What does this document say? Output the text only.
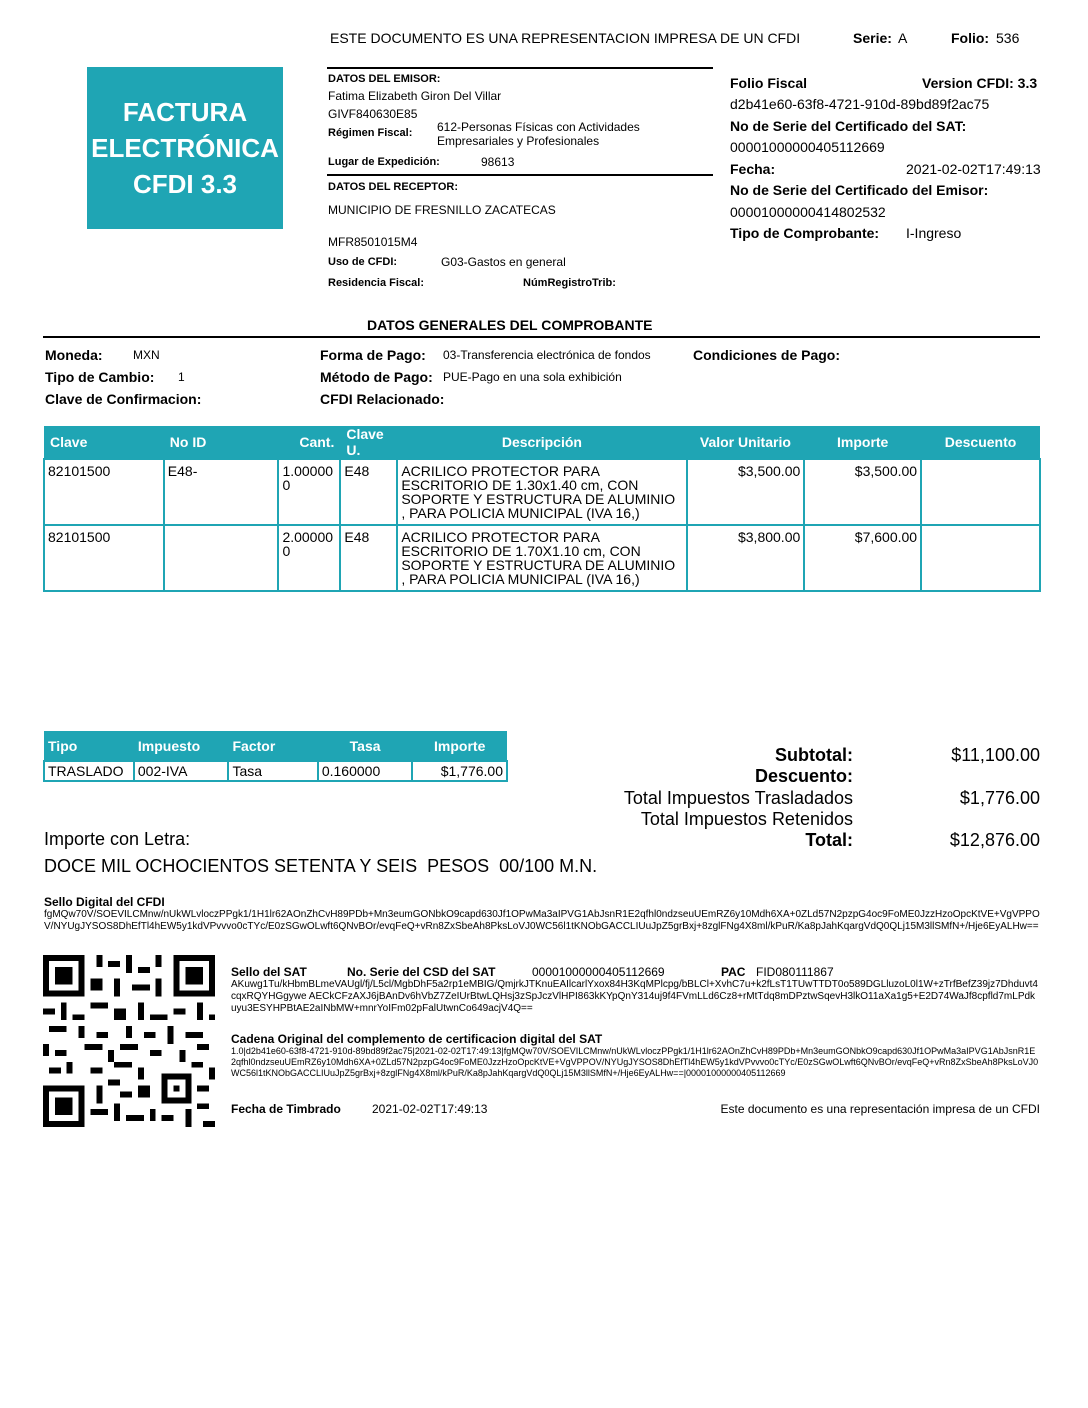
ESTE DOCUMENTO ES UNA REPRESENTACION IMPRESA DE UN CFDI	Serie: A	Folio: 536
FACTURA
ELECTRÓNICA
CFDI 3.3
DATOS DEL EMISOR:
Fatima Elizabeth Giron Del Villar
GIVF840630E85
Régimen Fiscal: 612-Personas Físicas con Actividades
Empresariales y Profesionales
Lugar de Expedición:	98613
DATOS DEL RECEPTOR:
MUNICIPIO DE FRESNILLO ZACATECAS
MFR8501015M4
Uso de CFDI:	G03-Gastos en general
Residencia Fiscal:	NúmRegistroTrib:
Folio Fiscal	Version CFDI: 3.3
d2b41e60-63f8-4721-910d-89bd89f2ac75
No de Serie del Certificado del SAT:
00001000000405112669
Fecha:	2021-02-02T17:49:13
No de Serie del Certificado del Emisor:
00001000000414802532
Tipo de Comprobante: I-Ingreso
DATOS GENERALES DEL COMPROBANTE
Moneda:	MXN
Tipo de Cambio: 1
Clave de Confirmacion:
Forma de Pago: 03-Transferencia electrónica de fondos
Método de Pago: PUE-Pago en una sola exhibición
CFDI Relacionado:
Condiciones de Pago:
Clave	No ID	Cant.	Clave U.	Descripción	Valor Unitario	Importe	Descuento
82101500	E48-	1.000000	E48	ACRILICO PROTECTOR PARA ESCRITORIO DE 1.30x1.40 cm, CON SOPORTE Y ESTRUCTURA DE ALUMINIO , PARA POLICIA MUNICIPAL (IVA 16,)	$3,500.00	$3,500.00	
82101500		2.000000	E48	ACRILICO PROTECTOR PARA ESCRITORIO DE 1.70X1.10 cm, CON SOPORTE Y ESTRUCTURA DE ALUMINIO , PARA POLICIA MUNICIPAL (IVA 16,)	$3,800.00	$7,600.00	
Tipo	Impuesto	Factor	Tasa	Importe
TRASLADO	002-IVA	Tasa	0.160000	$1,776.00
Subtotal:	$11,100.00
Descuento:
Total Impuestos Trasladados	$1,776.00
Total Impuestos Retenidos
Total:	$12,876.00
Importe con Letra:
DOCE MIL OCHOCIENTOS SETENTA Y SEIS  PESOS  00/100 M.N.
Sello Digital del CFDI
fgMQw70V/SOEVILCMnw/nUkWLvloczPPgk1/1H1lr62AOnZhCvH89PDb+Mn3eumGONbkO9capd630Jf1OPwMa3aIPVG1AbJsnR1E2qfhl0ndzseuUEmRZ6y10Mdh6XA+0ZLd57N2pzpG4oc9FoME0JzzHzoOpcKtVE+VgVPPOV/NYUgJYSOS8DhEfTl4hEW5y1kdVPvvvo0cTYc/E0zSGwOLwft6QNvBOr/evqFeQ+vRn8ZxSbeAh8PksLoVJ0WC56l1tKNObGACCLIUuJpZ5grBxj+8zglFNg4X8ml/kPuR/Ka8pJahKqargVdQ0QLj15M3llSMfN+/Hje6EyALHw==
Sello del SAT	No. Serie del CSD del SAT	00001000000405112669	PAC FID080111867
AKuwg1Tu/kHbmBLmeVAUgl/fj/L5cl/MgbDhF5a2rp1eMBIG/QmjrkJTKnuEAIlcarlYxox84H3KqMPlcpg/bBLCl+XvhC7u+k2fLsT1TUwTTDT0o589DGLluzoL0l1W+zTrfBefZ39jz7Dhduvt4cqxRQYHGgywe AECkCFzAXJ6jBAnDv6hVbZ7ZeIUrBtwLQHsj3zSpJczVlHPI863kKYpQnY314uj9f4FVmLLd6Cz8+rMtTdq8mDPztwSqevH3lkO11aXa1g5+E2D74WaJf8cpfld7mLPdkuyu3ESYHPBtAE2aINbMW+mnrYoIFm02pFalUtwnCo649acjV4Q==
Cadena Original del complemento de certificacion digital del SAT
1.0|d2b41e60-63f8-4721-910d-89bd89f2ac75|2021-02-02T17:49:13|fgMQw70V/SOEVILCMnw/nUkWLvloczPPgk1/1H1lr62AOnZhCvH89PDb+Mn3eumGONbkO9capd630Jf1OPwMa3aIPVG1AbJsnR1E2qfhl0ndzseuUEmRZ6y10Mdh6XA+0ZLd57N2pzpG4oc9FoME0JzzHzoOpcKtVE+VgVPPOV/NYUgJYSOS8DhEfTl4hEW5y1kdVPvvvo0cTYc/E0zSGwOLwft6QNvBOr/evqFeQ+vRn8ZxSbeAh8PksLoVJ0WC56l1tKNObGACCLIUuJpZ5grBxj+8zglFNg4X8ml/kPuR/Ka8pJahKqargVdQ0QLj15M3llSMfN+/Hje6EyALHw==|00001000000405112669
Fecha de Timbrado	2021-02-02T17:49:13	Este documento es una representación impresa de un CFDI
